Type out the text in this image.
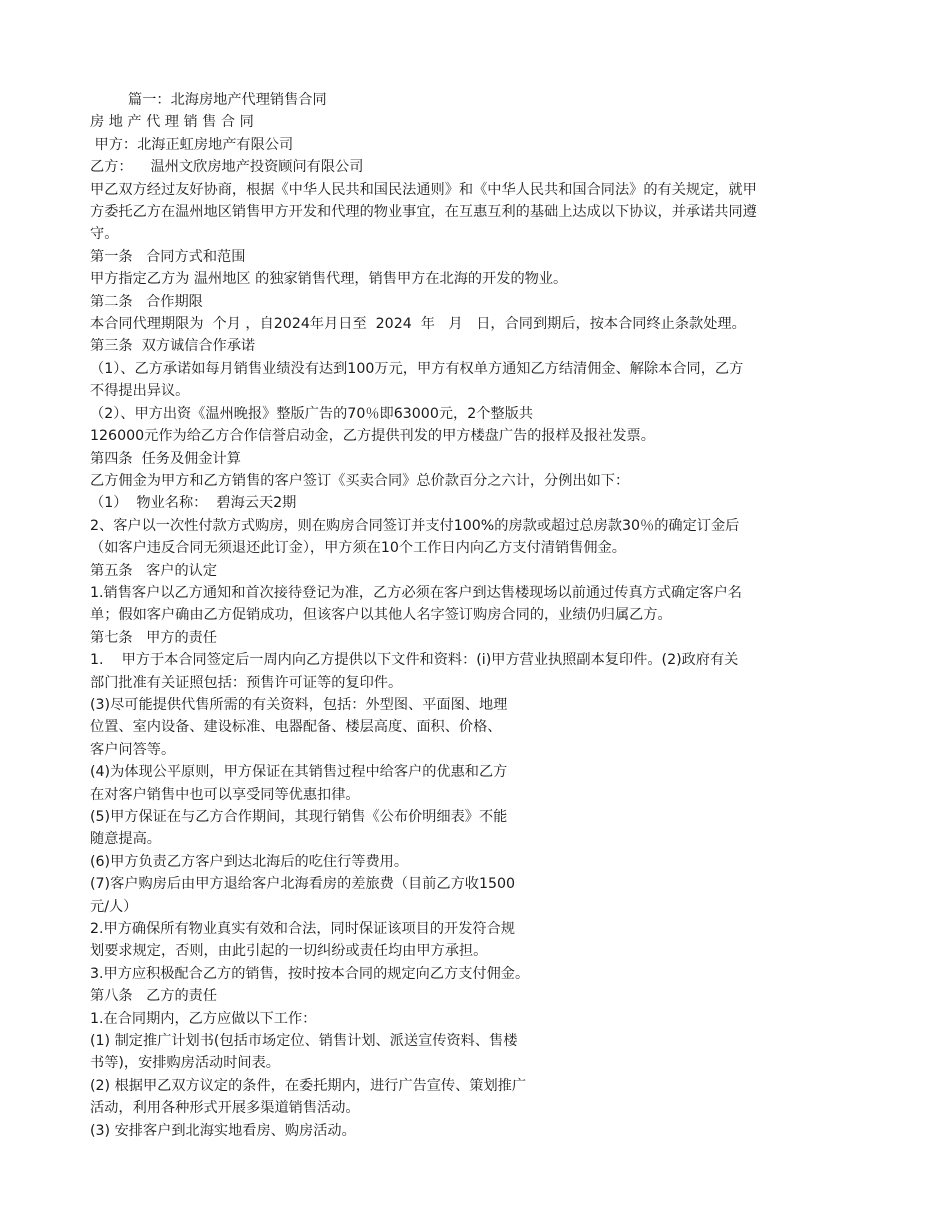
篇一：北海房地产代理销售合同

房 地 产 代 理 销 售 合 同

甲方：北海正虹房地产有限公司

乙方：    温州文欣房地产投资顾问有限公司

甲乙双方经过友好协商，根据《中华人民共和国民法通则》和《中华人民共和国合同法》的有关规定，就甲

方委托乙方在温州地区销售甲方开发和代理的物业事宜，在互惠互利的基础上达成以下协议，并承诺共同遵

守。

第一条   合同方式和范围

甲方指定乙方为 温州地区 的独家销售代理，销售甲方在北海的开发的物业。

第二条   合作期限

本合同代理期限为  个月 ，自2024年月日至  2024  年   月   日，合同到期后，按本合同终止条款处理。

第三条  双方诚信合作承诺

（1）、乙方承诺如每月销售业绩没有达到100万元，甲方有权单方通知乙方结清佣金、解除本合同，乙方

不得提出异议。

（2）、甲方出资《温州晚报》整版广告的70％即63000元，2个整版共

126000元作为给乙方合作信誉启动金，乙方提供刊发的甲方楼盘广告的报样及报社发票。

第四条  任务及佣金计算

乙方佣金为甲方和乙方销售的客户签订《买卖合同》总价款百分之六计，分例出如下：

（1）  物业名称：  碧海云天2期

2、客户以一次性付款方式购房，则在购房合同签订并支付100%的房款或超过总房款30％的确定订金后

（如客户违反合同无须退还此订金），甲方须在10个工作日内向乙方支付清销售佣金。

第五条   客户的认定

1.销售客户以乙方通知和首次接待登记为准，乙方必须在客户到达售楼现场以前通过传真方式确定客户名

单；假如客户确由乙方促销成功，但该客户以其他人名字签订购房合同的，业绩仍归属乙方。

第七条   甲方的责任

1.    甲方于本合同签定后一周内向乙方提供以下文件和资料：(i)甲方营业执照副本复印件。(2)政府有关

部门批准有关证照包括：预售许可证等的复印件。

(3)尽可能提供代售所需的有关资料，包括：外型图、平面图、地理

位置、室内设备、建设标准、电器配备、楼层高度、面积、价格、

客户问答等。

(4)为体现公平原则，甲方保证在其销售过程中给客户的优惠和乙方

在对客户销售中也可以享受同等优惠扣律。

(5)甲方保证在与乙方合作期间，其现行销售《公布价明细表》不能

随意提高。

(6)甲方负责乙方客户到达北海后的吃住行等费用。

(7)客户购房后由甲方退给客户北海看房的差旅费（目前乙方收1500

元/人）

2.甲方确保所有物业真实有效和合法，同时保证该项目的开发符合规

划要求规定，否则，由此引起的一切纠纷或责任均由甲方承担。

3.甲方应积极配合乙方的销售，按时按本合同的规定向乙方支付佣金。

第八条   乙方的责任

1.在合同期内，乙方应做以下工作：

(1) 制定推广计划书(包括市场定位、销售计划、派送宣传资料、售楼

书等)，安排购房活动时间表。

(2) 根据甲乙双方议定的条件，在委托期内，进行广告宣传、策划推广

活动，利用各种形式开展多渠道销售活动。

(3) 安排客户到北海实地看房、购房活动。
